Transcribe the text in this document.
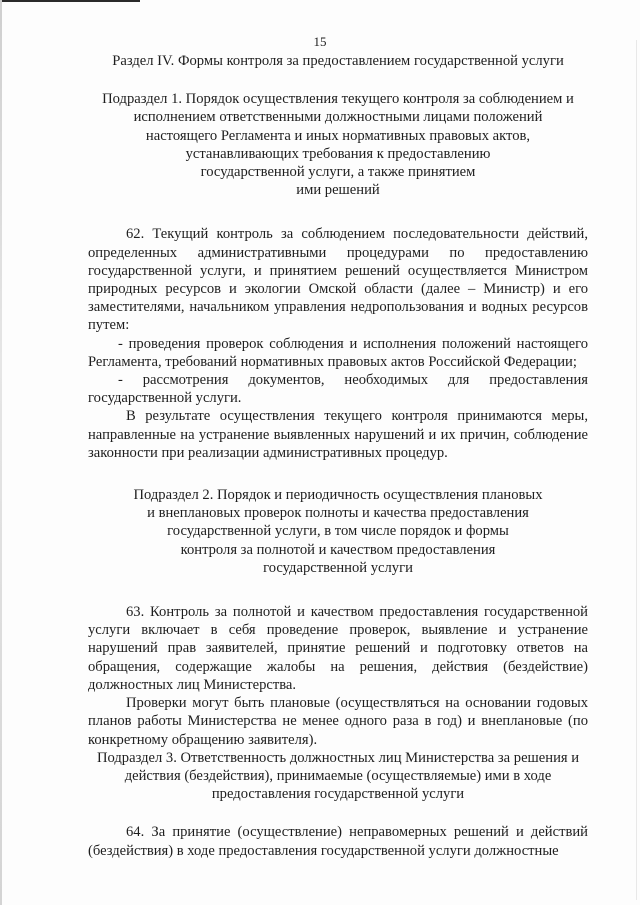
15

Раздел IV. Формы контроля за предоставлением государственной услуги

Подраздел 1. Порядок осуществления текущего контроля за соблюдением и

исполнением ответственными должностными лицами положений

настоящего Регламента и иных нормативных правовых актов,

устанавливающих требования к предоставлению

государственной услуги, а также принятием

ими решений

62. Текущий контроль за соблюдением последовательности действий, определенных административными процедурами по предоставлению государственной услуги, и принятием решений осуществляется Министром природных ресурсов и экологии Омской области (далее – Министр) и его заместителями, начальником управления недропользования и водных ресурсов путем:

- проведения проверок соблюдения и исполнения положений настоящего Регламента, требований нормативных правовых актов Российской Федерации;

- рассмотрения документов, необходимых для предоставления государственной услуги.

В результате осуществления текущего контроля принимаются меры, направленные на устранение выявленных нарушений и их причин, соблюдение законности при реализации административных процедур.

Подраздел 2. Порядок и периодичность осуществления плановых

и внеплановых проверок полноты и качества предоставления

государственной услуги, в том числе порядок и формы

контроля за полнотой и качеством предоставления

государственной услуги

63. Контроль за полнотой и качеством предоставления государственной услуги включает в себя проведение проверок, выявление и устранение нарушений прав заявителей, принятие решений и подготовку ответов на обращения, содержащие жалобы на решения, действия (бездействие) должностных лиц Министерства.

Проверки могут быть плановые (осуществляться на основании годовых планов работы Министерства не менее одного раза в год) и внеплановые (по конкретному обращению заявителя).

Подраздел 3. Ответственность должностных лиц Министерства за решения и

действия (бездействия), принимаемые (осуществляемые) ими в ходе

предоставления государственной услуги

64. За принятие (осуществление) неправомерных решений и действий (бездействия) в ходе предоставления государственной услуги должностные
